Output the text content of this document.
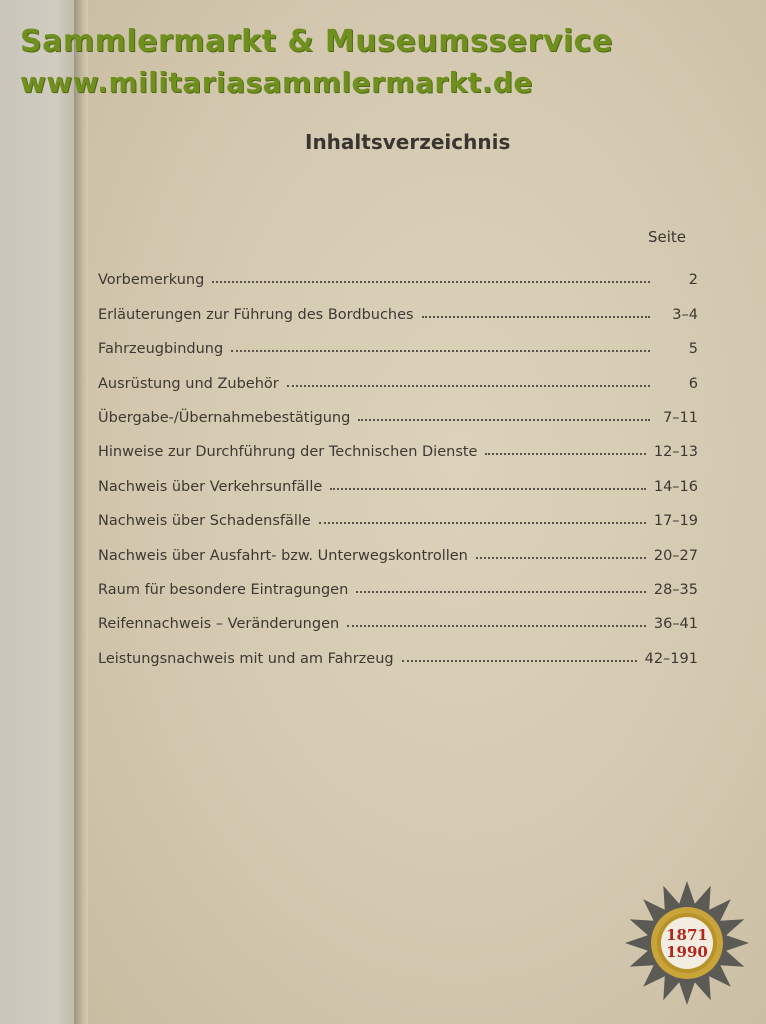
Sammlermarkt & Museumsservice
www.militariasammlermarkt.de
Inhaltsverzeichnis
Seite
Vorbemerkung	2
Erläuterungen zur Führung des Bordbuches	3–4
Fahrzeugbindung	5
Ausrüstung und Zubehör	6
Übergabe-/Übernahmebestätigung	7–11
Hinweise zur Durchführung der Technischen Dienste	12–13
Nachweis über Verkehrsunfälle	14–16
Nachweis über Schadensfälle	17–19
Nachweis über Ausfahrt- bzw. Unterwegskontrollen	20–27
Raum für besondere Eintragungen	28–35
Reifennachweis – Veränderungen	36–41
Leistungsnachweis mit und am Fahrzeug	42–191
1871
1990
